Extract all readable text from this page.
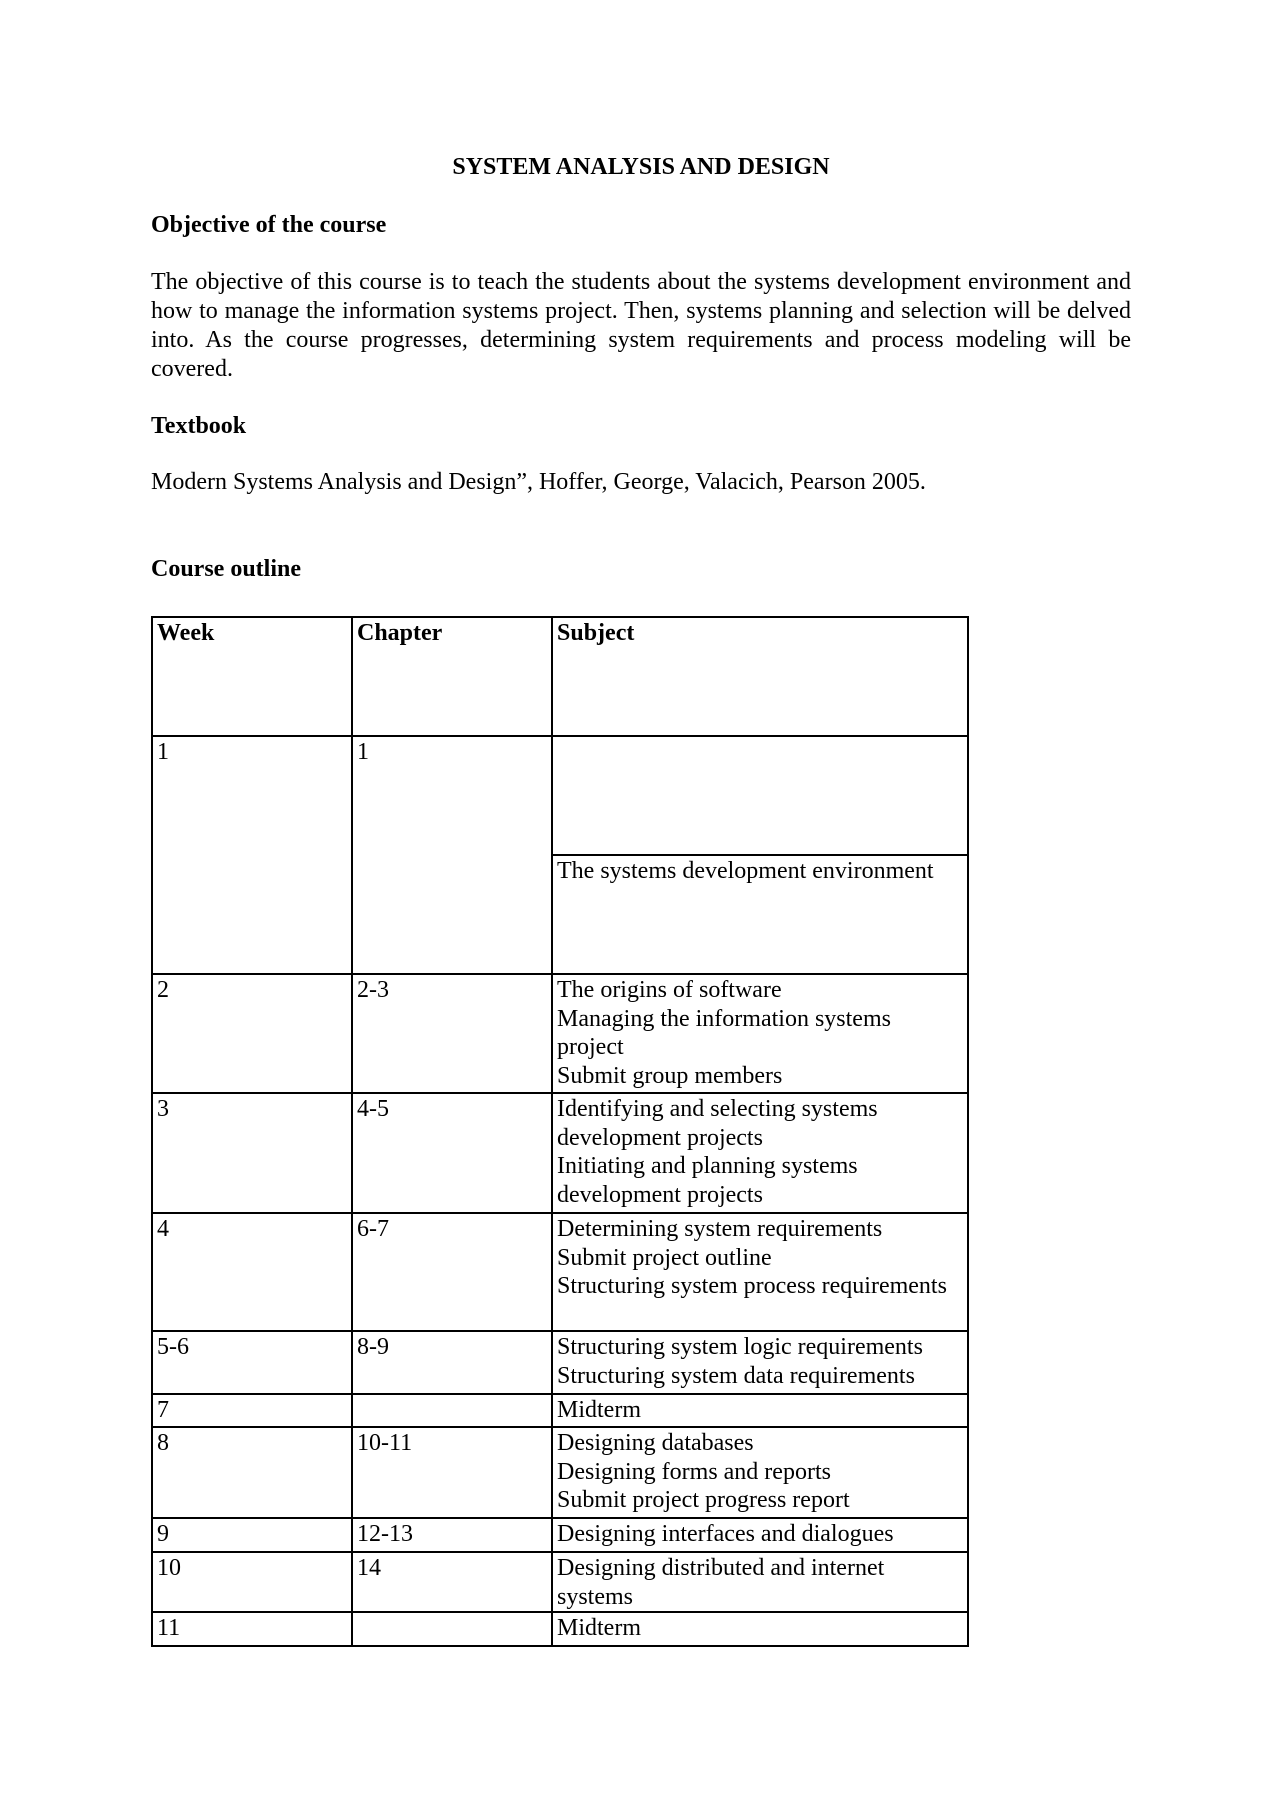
SYSTEM ANALYSIS AND DESIGN
Objective of the course
The objective of this course is to teach the students about the systems development environment and how to manage the information systems project. Then, systems planning and selection will be delved into. As the course progresses, determining system requirements and process modeling will be covered.
Textbook
Modern Systems Analysis and Design”, Hoffer, George, Valacich, Pearson 2005.
Course outline
Week	Chapter	Subject
1	1	

		The systems development environment

2	2-3	The origins of software
Managing the information systems project
Submit group members

3	4-5	Identifying and selecting systems development projects
Initiating and planning systems development projects

4	6-7	Determining system requirements
Submit project outline
Structuring system process requirements

5-6	8-9	Structuring system logic requirements
Structuring system data requirements

7		Midterm

8	10-11	Designing databases
Designing forms and reports
Submit project progress report

9	12-13	Designing interfaces and dialogues

10	14	Designing distributed and internet systems

11		Midterm
